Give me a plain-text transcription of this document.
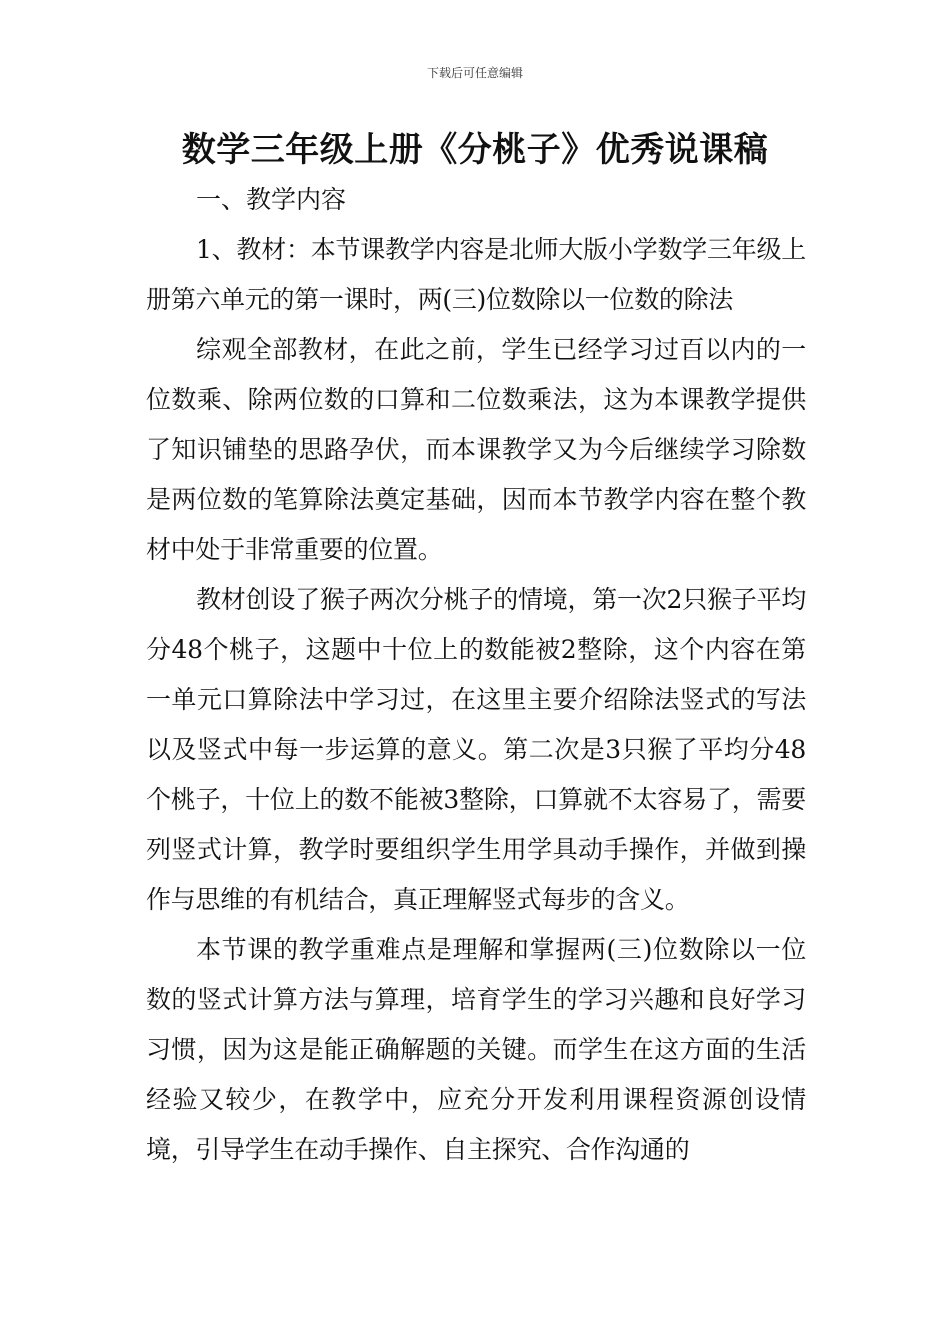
下载后可任意编辑
数学三年级上册《分桃子》优秀说课稿

一、教学内容

1、教材：本节课教学内容是北师大版小学数学三年级上册第六单元的第一课时，两(三)位数除以一位数的除法

综观全部教材，在此之前，学生已经学习过百以内的一位数乘、除两位数的口算和二位数乘法，这为本课教学提供了知识铺垫的思路孕伏，而本课教学又为今后继续学习除数是两位数的笔算除法奠定基础，因而本节教学内容在整个教材中处于非常重要的位置。

教材创设了猴子两次分桃子的情境，第一次2只猴子平均分48个桃子，这题中十位上的数能被2整除，这个内容在第一单元口算除法中学习过，在这里主要介绍除法竖式的写法以及竖式中每一步运算的意义。第二次是3只猴了平均分48个桃子，十位上的数不能被3整除，口算就不太容易了，需要列竖式计算，教学时要组织学生用学具动手操作，并做到操作与思维的有机结合，真正理解竖式每步的含义。

本节课的教学重难点是理解和掌握两(三)位数除以一位数的竖式计算方法与算理，培育学生的学习兴趣和良好学习习惯，因为这是能正确解题的关键。而学生在这方面的生活经验又较少，在教学中，应充分开发利用课程资源创设情境，引导学生在动手操作、自主探究、合作沟通的
